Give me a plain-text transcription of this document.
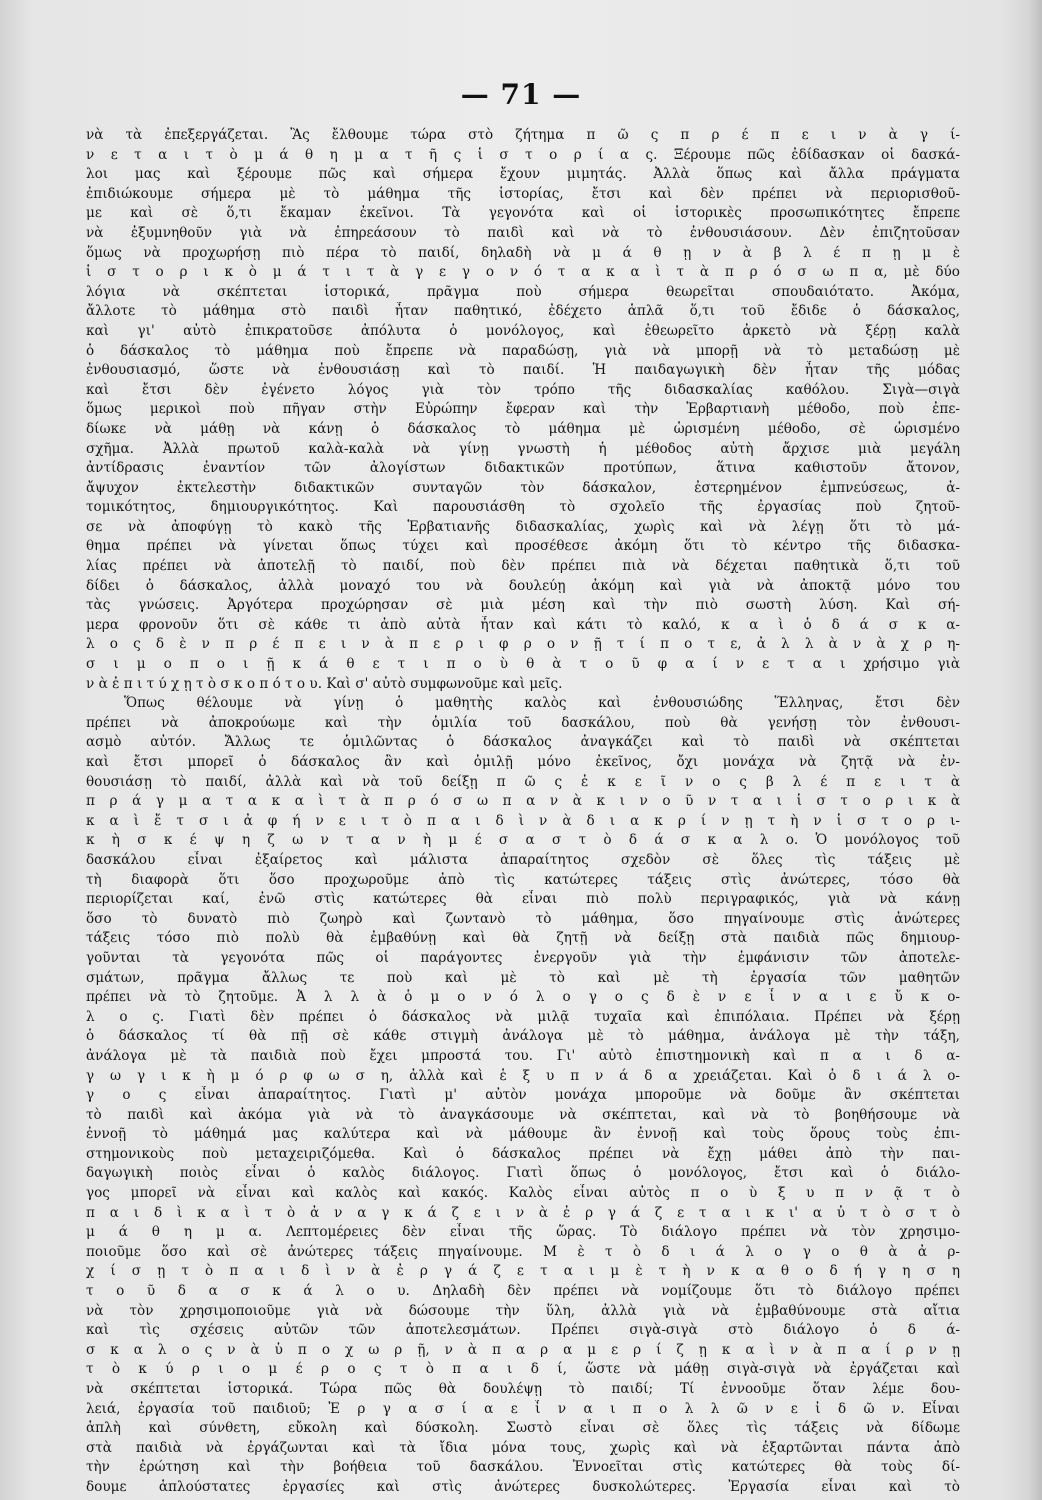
— 71 —
νὰ τὰ ἐπεξεργάζεται. Ἂς ἔλθουμε τώρα στὸ ζήτημα π ῶ ς π ρ έ π ε ι ν ὰ γ ί-
ν ε τ α ι τ ὸ μ ά θ η μ α τ ῆ ς ἱ σ τ ο ρ ί α ς. Ξέρουμε πῶς ἐδίδασκαν οἱ δασκά-
λοι μας καὶ ξέρουμε πῶς καὶ σήμερα ἔχουν μιμητάς. Ἀλλὰ ὅπως καὶ ἄλλα πράγματα
ἐπιδιώκουμε σήμερα μὲ τὸ μάθημα τῆς ἱστορίας, ἔτσι καὶ δὲν πρέπει νὰ περιορισθοῦ-
με καὶ σὲ ὅ,τι ἔκαμαν ἐκεῖνοι. Τὰ γεγονότα καὶ οἱ ἱστορικὲς προσωπικότητες ἔπρεπε
νὰ ἐξυμνηθοῦν γιὰ νὰ ἐπηρεάσουν τὸ παιδὶ καὶ νὰ τὸ ἐνθουσιάσουν. Δὲν ἐπιζητοῦσαν
ὅμως νὰ προχωρήσῃ πιὸ πέρα τὸ παιδί, δηλαδὴ νὰ μ ά θ ῃ ν ὰ β λ έ π ῃ μ ὲ
ἱ σ τ ο ρ ι κ ὸ μ ά τ ι τ ὰ γ ε γ ο ν ό τ α κ α ὶ τ ὰ π ρ ό σ ω π α, μὲ δύο
λόγια νὰ σκέπτεται ἱστορικά, πρᾶγμα ποὺ σήμερα θεωρεῖται σπουδαιότατο. Ἀκόμα,
ἄλλοτε τὸ μάθημα στὸ παιδὶ ἦταν παθητικό, ἐδέχετο ἁπλᾶ ὅ,τι τοῦ ἔδιδε ὁ δάσκαλος,
καὶ γι' αὐτὸ ἐπικρατοῦσε ἀπόλυτα ὁ μονόλογος, καὶ ἐθεωρεῖτο ἀρκετὸ νὰ ξέρῃ καλὰ
ὁ δάσκαλος τὸ μάθημα ποὺ ἔπρεπε νὰ παραδώσῃ, γιὰ νὰ μπορῇ νὰ τὸ μεταδώσῃ μὲ
ἐνθουσιασμό, ὥστε νὰ ἐνθουσιάσῃ καὶ τὸ παιδί. Ἡ παιδαγωγικὴ δὲν ἦταν τῆς μόδας
καὶ ἔτσι δὲν ἐγένετο λόγος γιὰ τὸν τρόπο τῆς διδασκαλίας καθόλου. Σιγὰ—σιγὰ
ὅμως μερικοὶ ποὺ πῆγαν στὴν Εὐρώπην ἔφεραν καὶ τὴν Ἑρβαρτιανὴ μέθοδο, ποὺ ἐπε-
δίωκε νὰ μάθῃ νὰ κάνῃ ὁ δάσκαλος τὸ μάθημα μὲ ὡρισμένη μέθοδο, σὲ ὡρισμένο
σχῆμα. Ἀλλὰ πρωτοῦ καλὰ-καλὰ νὰ γίνῃ γνωστὴ ἡ μέθοδος αὐτὴ ἄρχισε μιὰ μεγάλη
ἀντίδρασις ἐναντίον τῶν ἀλογίστων διδακτικῶν προτύπων, ἅτινα καθιστοῦν ἄτονον,
ἄψυχον ἐκτελεστὴν διδακτικῶν συνταγῶν τὸν δάσκαλον, ἐστερημένον ἐμπνεύσεως, ἀ-
τομικότητος, δημιουργικότητος. Καὶ παρουσιάσθη τὸ σχολεῖο τῆς ἐργασίας ποὺ ζητοῦ-
σε νὰ ἀποφύγῃ τὸ κακὸ τῆς Ἑρβατιανῆς διδασκαλίας, χωρὶς καὶ νὰ λέγῃ ὅτι τὸ μά-
θημα πρέπει νὰ γίνεται ὅπως τύχει καὶ προσέθεσε ἀκόμη ὅτι τὸ κέντρο τῆς διδασκα-
λίας πρέπει νὰ ἀποτελῇ τὸ παιδί, ποὺ δὲν πρέπει πιὰ νὰ δέχεται παθητικὰ ὅ,τι τοῦ
δίδει ὁ δάσκαλος, ἀλλὰ μοναχό του νὰ δουλεύῃ ἀκόμη καὶ γιὰ νὰ ἀποκτᾷ μόνο του
τὰς γνώσεις. Ἀργότερα προχώρησαν σὲ μιὰ μέση καὶ τὴν πιὸ σωστὴ λύση. Καὶ σή-
μερα φρονοῦν ὅτι σὲ κάθε τι ἀπὸ αὐτὰ ἦταν καὶ κάτι τὸ καλό, κ α ὶ ὁ δ ά σ κ α-
λ ο ς δ ὲ ν π ρ έ π ε ι ν ὰ π ε ρ ι φ ρ ο ν ῇ τ ί π ο τ ε, ἀ λ λ ὰ ν ὰ χ ρ η-
σ ι μ ο π ο ι ῇ κ ά θ ε τ ι π ο ὺ θ ὰ τ ο ῦ φ α ί ν ε τ α ι χρήσιμο γιὰ
ν ὰ ἐ π ι τ ύ χ ῃ τ ὸ σ κ ο π ό τ ο υ. Καὶ σ' αὐτὸ συμφωνοῦμε καὶ μεῖς.
Ὅπως θέλουμε νὰ γίνῃ ὁ μαθητὴς καλὸς καὶ ἐνθουσιώδης Ἕλληνας, ἔτσι δὲν
πρέπει νὰ ἀποκρούωμε καὶ τὴν ὁμιλία τοῦ δασκάλου, ποὺ θὰ γενήσῃ τὸν ἐνθουσι-
ασμὸ αὐτόν. Ἄλλως τε ὁμιλῶντας ὁ δάσκαλος ἀναγκάζει καὶ τὸ παιδὶ νὰ σκέπτεται
καὶ ἔτσι μπορεῖ ὁ δάσκαλος ἂν καὶ ὁμιλῇ μόνο ἐκεῖνος, ὄχι μονάχα νὰ ζητᾷ νὰ ἐν-
θουσιάσῃ τὸ παιδί, ἀλλὰ καὶ νὰ τοῦ δείξῃ π ῶ ς ἐ κ ε ῖ ν ο ς β λ έ π ε ι τ ὰ
π ρ ά γ μ α τ α κ α ὶ τ ὰ π ρ ό σ ω π α ν ὰ κ ι ν ο ῦ ν τ α ι ἱ σ τ ο ρ ι κ ὰ
κ α ὶ ἔ τ σ ι ἀ φ ή ν ε ι τ ὸ π α ι δ ὶ ν ὰ δ ι α κ ρ ί ν ῃ τ ὴ ν ἱ σ τ ο ρ ι-
κ ὴ σ κ έ ψ η ζ ω ν τ α ν ὴ μ έ σ α σ τ ὸ δ ά σ κ α λ ο. Ὁ μονόλογος τοῦ
δασκάλου εἶναι ἐξαίρετος καὶ μάλιστα ἀπαραίτητος σχεδὸν σὲ ὅλες τὶς τάξεις μὲ
τὴ διαφορὰ ὅτι ὅσο προχωροῦμε ἀπὸ τὶς κατώτερες τάξεις στὶς ἀνώτερες, τόσο θὰ
περιορίζεται καί, ἐνῶ στὶς κατώτερες θὰ εἶναι πιὸ πολὺ περιγραφικός, γιὰ νὰ κάνῃ
ὅσο τὸ δυνατὸ πιὸ ζωηρὸ καὶ ζωντανὸ τὸ μάθημα, ὅσο πηγαίνουμε στὶς ἀνώτερες
τάξεις τόσο πιὸ πολὺ θὰ ἐμβαθύνῃ καὶ θὰ ζητῇ νὰ δείξῃ στὰ παιδιὰ πῶς δημιουρ-
γοῦνται τὰ γεγονότα πῶς οἱ παράγοντες ἐνεργοῦν γιὰ τὴν ἐμφάνισιν τῶν ἀποτελε-
σμάτων, πρᾶγμα ἄλλως τε ποὺ καὶ μὲ τὸ καὶ μὲ τὴ ἐργασία τῶν μαθητῶν
πρέπει νὰ τὸ ζητοῦμε. Ἀ λ λ ὰ ὁ μ ο ν ό λ ο γ ο ς δ ὲ ν ε ἶ ν α ι ε ὔ κ ο-
λ ο ς. Γιατὶ δὲν πρέπει ὁ δάσκαλος νὰ μιλᾷ τυχαῖα καὶ ἐπιπόλαια. Πρέπει νὰ ξέρῃ
ὁ δάσκαλος τί θὰ πῇ σὲ κάθε στιγμὴ ἀνάλογα μὲ τὸ μάθημα, ἀνάλογα μὲ τὴν τάξη,
ἀνάλογα μὲ τὰ παιδιὰ ποὺ ἔχει μπροστά του. Γι' αὐτὸ ἐπιστημονικὴ καὶ π α ι δ α-
γ ω γ ι κ ὴ μ ό ρ φ ω σ η, ἀλλὰ καὶ ἑ ξ υ π ν ά δ α χρειάζεται. Καὶ ὁ δ ι ά λ ο-
γ ο ς εἶναι ἀπαραίτητος. Γιατὶ μ' αὐτὸν μονάχα μποροῦμε νὰ δοῦμε ἂν σκέπτεται
τὸ παιδὶ καὶ ἀκόμα γιὰ νὰ τὸ ἀναγκάσουμε νὰ σκέπτεται, καὶ νὰ τὸ βοηθήσουμε νὰ
ἐννοῇ τὸ μάθημά μας καλύτερα καὶ νὰ μάθουμε ἂν ἐννοῇ καὶ τοὺς ὅρους τοὺς ἐπι-
στημονικοὺς ποὺ μεταχειριζόμεθα. Καὶ ὁ δάσκαλος πρέπει νὰ ἔχῃ μάθει ἀπὸ τὴν παι-
δαγωγικὴ ποιὸς εἶναι ὁ καλὸς διάλογος. Γιατὶ ὅπως ὁ μονόλογος, ἔτσι καὶ ὁ διάλο-
γος μπορεῖ νὰ εἶναι καὶ καλὸς καὶ κακός. Καλὸς εἶναι αὐτὸς π ο ὺ ξ υ π ν ᾷ τ ὸ
π α ι δ ὶ κ α ὶ τ ὸ ἀ ν α γ κ ά ζ ε ι ν ὰ ἐ ρ γ ά ζ ε τ α ι κ ι' α ὐ τ ὸ σ τ ὸ
μ ά θ η μ α. Λεπτομέρειες δὲν εἶναι τῆς ὥρας. Τὸ διάλογο πρέπει νὰ τὸν χρησιμο-
ποιοῦμε ὅσο καὶ σὲ ἀνώτερες τάξεις πηγαίνουμε. Μ ὲ τ ὸ δ ι ά λ ο γ ο θ ὰ ἀ ρ-
χ ί σ ῃ τ ὸ π α ι δ ὶ ν ὰ ἐ ρ γ ά ζ ε τ α ι μ ὲ τ ὴ ν κ α θ ο δ ή γ η σ η
τ ο ῦ δ α σ κ ά λ ο υ. Δηλαδὴ δὲν πρέπει νὰ νομίζουμε ὅτι τὸ διάλογο πρέπει
νὰ τὸν χρησιμοποιοῦμε γιὰ νὰ δώσουμε τὴν ὕλη, ἀλλὰ γιὰ νὰ ἐμβαθύνουμε στὰ αἴτια
καὶ τὶς σχέσεις αὐτῶν τῶν ἀποτελεσμάτων. Πρέπει σιγὰ-σιγὰ στὸ διάλογο ὁ δ ά-
σ κ α λ ο ς ν ὰ ὑ π ο χ ω ρ ῇ, ν ὰ π α ρ α μ ε ρ ί ζ ῃ κ α ὶ ν ὰ π α ί ρ ν ῃ
τ ὸ κ ύ ρ ι ο μ έ ρ ο ς τ ὸ π α ι δ ί, ὥστε νὰ μάθῃ σιγὰ-σιγὰ νὰ ἐργάζεται καὶ
νὰ σκέπτεται ἱστορικά. Τώρα πῶς θὰ δουλέψῃ τὸ παιδί; Τί ἐννοοῦμε ὅταν λέμε δου-
λειά, ἐργασία τοῦ παιδιοῦ; Ἐ ρ γ α σ ί α ε ἶ ν α ι π ο λ λ ῶ ν ε ἰ δ ῶ ν. Εἶναι
ἁπλὴ καὶ σύνθετη, εὔκολη καὶ δύσκολη. Σωστὸ εἶναι σὲ ὅλες τὶς τάξεις νὰ δίδωμε
στὰ παιδιὰ νὰ ἐργάζωνται καὶ τὰ ἴδια μόνα τους, χωρὶς καὶ νὰ ἐξαρτῶνται πάντα ἀπὸ
τὴν ἐρώτηση καὶ τὴν βοήθεια τοῦ δασκάλου. Ἐννοεῖται στὶς κατώτερες θὰ τοὺς δί-
δουμε ἁπλούστατες ἐργασίες καὶ στὶς ἀνώτερες δυσκολώτερες. Ἐργασία εἶναι καὶ τὸ
